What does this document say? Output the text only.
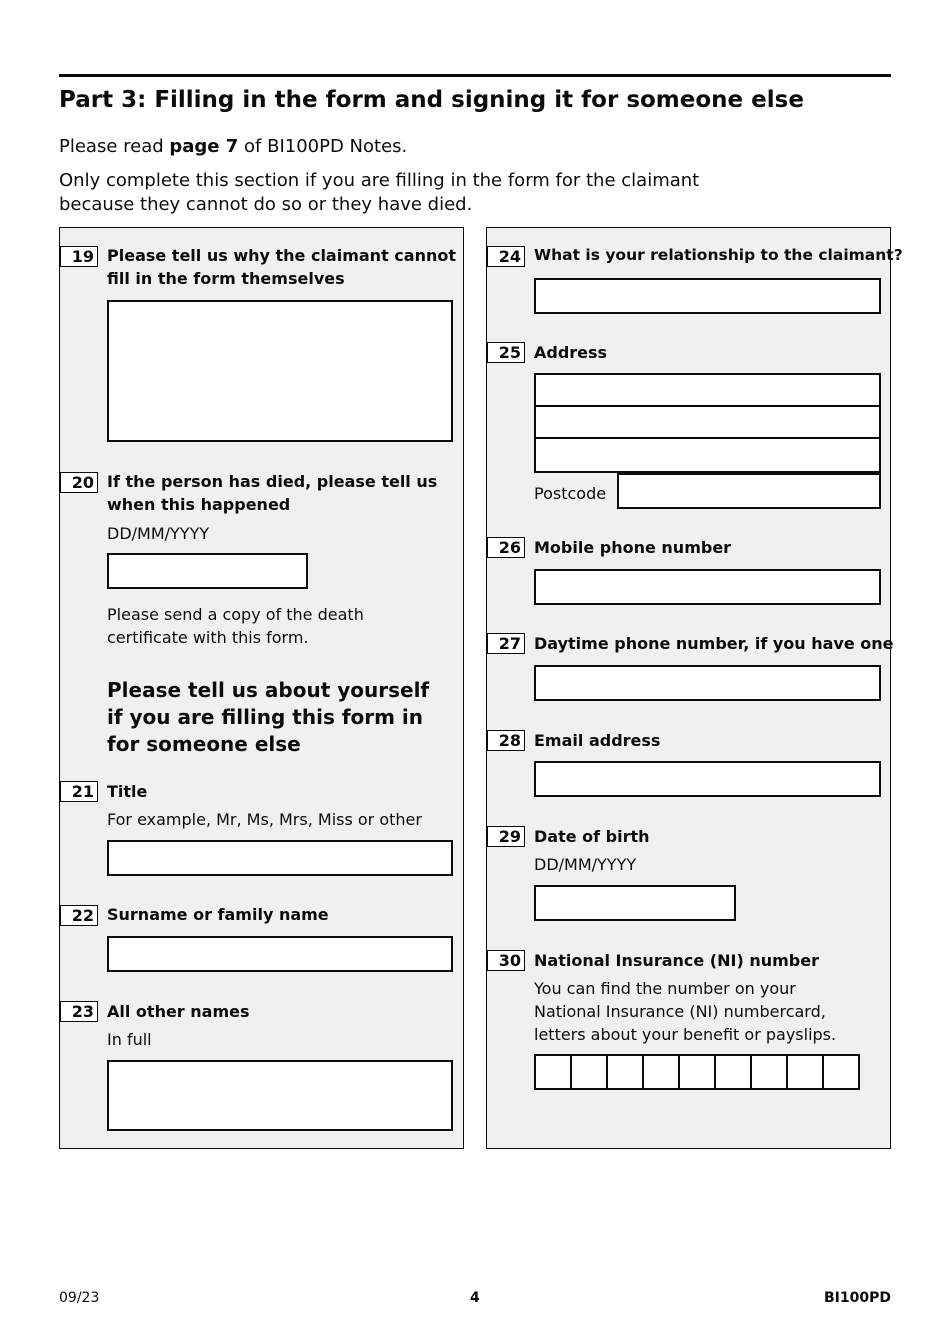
Part 3: Filling in the form and signing it for someone else

Please read page 7 of BI100PD Notes.

Only complete this section if you are filling in the form for the claimant because they cannot do so or they have died.

19 Please tell us why the claimant cannot fill in the form themselves

20 If the person has died, please tell us when this happened

DD/MM/YYYY

Please send a copy of the death certificate with this form.

Please tell us about yourself if you are filling this form in for someone else

21 Title

For example, Mr, Ms, Mrs, Miss or other

22 Surname or family name

23 All other names

In full

24 What is your relationship to the claimant?

25 Address

Postcode
26 Mobile phone number

27 Daytime phone number, if you have one

28 Email address

29 Date of birth

DD/MM/YYYY

30 National Insurance (NI) number

You can find the number on your National Insurance (NI) numbercard, letters about your benefit or payslips.

09/23	4	BI100PD
